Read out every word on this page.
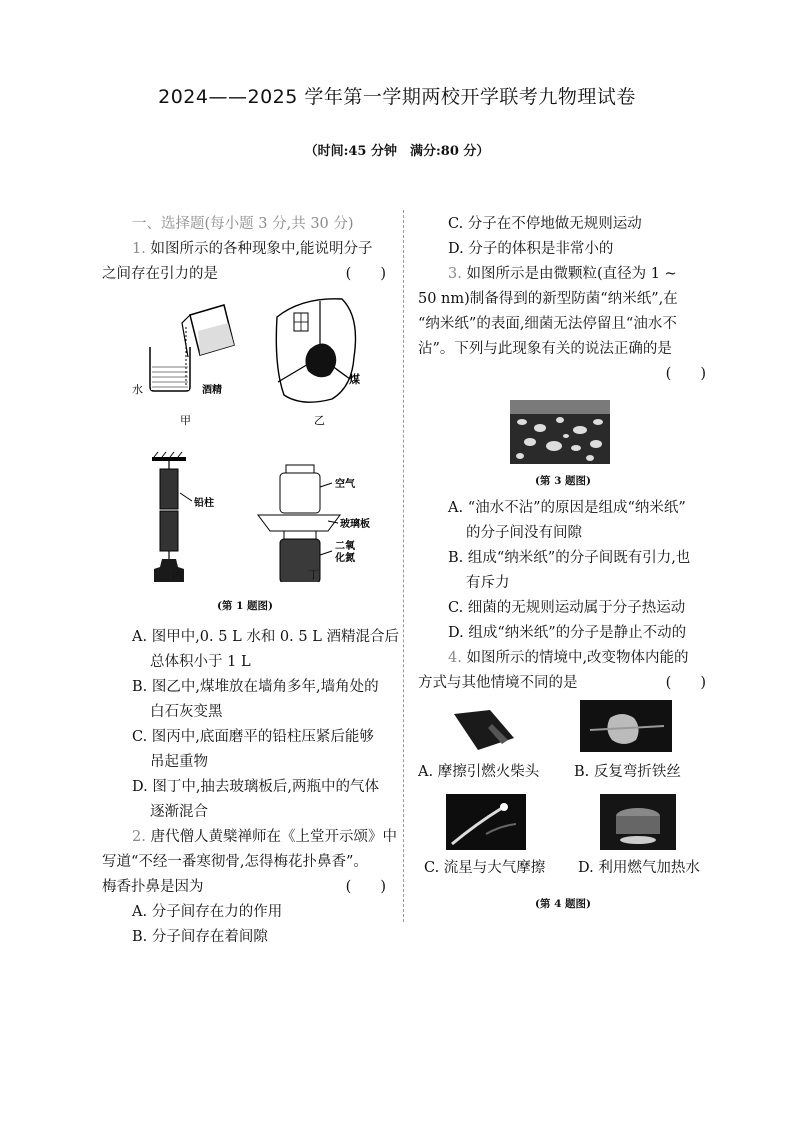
2024——2025 学年第一学期两校开学联考九物理试卷
（时间:45 分钟　满分:80 分）
一、选择题(每小题 3 分,共 30 分)
1. 如图所示的各种现象中,能说明分子
之间存在引力的是	(　　)
水	酒精
甲
煤
乙
铅柱
空气
玻璃板
二氧
化氮
丙	丁
(第 1 题图)
A. 图甲中,0. 5 L 水和 0. 5 L 酒精混合后
总体积小于 1 L
B. 图乙中,煤堆放在墙角多年,墙角处的
白石灰变黑
C. 图丙中,底面磨平的铅柱压紧后能够
吊起重物
D. 图丁中,抽去玻璃板后,两瓶中的气体
逐渐混合
2. 唐代僧人黄檗禅师在《上堂开示颂》中
写道“不经一番寒彻骨,怎得梅花扑鼻香”。
梅香扑鼻是因为	(　　)
A. 分子间存在力的作用
B. 分子间存在着间隙
C. 分子在不停地做无规则运动
D. 分子的体积是非常小的
3. 如图所示是由微颗粒(直径为 1 ~
50 nm)制备得到的新型防菌“纳米纸”,在
“纳米纸”的表面,细菌无法停留且“油水不
沾”。下列与此现象有关的说法正确的是
(　　)
(第 3 题图)
A. “油水不沾”的原因是组成“纳米纸”
的分子间没有间隙
B. 组成“纳米纸”的分子间既有引力,也
有斥力
C. 细菌的无规则运动属于分子热运动
D. 组成“纳米纸”的分子是静止不动的
4. 如图所示的情境中,改变物体内能的
方式与其他情境不同的是	(　　)
A. 摩擦引燃火柴头 B. 反复弯折铁丝
C. 流星与大气摩擦 D. 利用燃气加热水
(第 4 题图)
